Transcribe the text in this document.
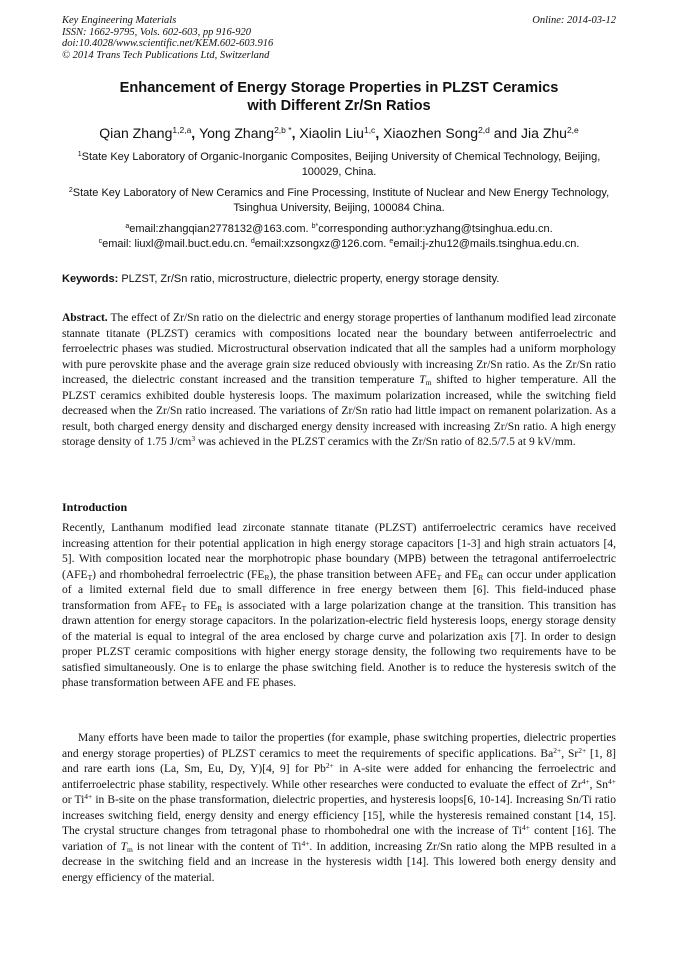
Key Engineering Materials
ISSN: 1662-9795, Vols. 602-603, pp 916-920
doi:10.4028/www.scientific.net/KEM.602-603.916
© 2014 Trans Tech Publications Ltd, Switzerland
Online: 2014-03-12
Enhancement of Energy Storage Properties in PLZST Ceramics
with Different Zr/Sn Ratios
Qian Zhang$^{1,2,a}$, Yong Zhang$^{2,b *}$, Xiaolin Liu$^{1,c}$, Xiaozhen Song$^{2,d}$ and Jia Zhu$^{2,e}$
$^1$State Key Laboratory of Organic-Inorganic Composites, Beijing University of Chemical Technology, Beijing, 100029, China.
$^2$State Key Laboratory of New Ceramics and Fine Processing, Institute of Nuclear and New Energy Technology, Tsinghua University, Beijing, 100084 China.
$^a$email:zhangqian2778132@163.com. $^{b*}$corresponding author:yzhang@tsinghua.edu.cn.
$^c$email: liuxl@mail.buct.edu.cn. $^d$email:xzsongxz@126.com. $^e$email:j-zhu12@mails.tsinghua.edu.cn.
Keywords: PLZST, Zr/Sn ratio, microstructure, dielectric property, energy storage density.
Abstract. The effect of Zr/Sn ratio on the dielectric and energy storage properties of lanthanum modified lead zirconate stannate titanate (PLZST) ceramics with compositions located near the boundary between antiferroelectric and ferroelectric phases was studied. Microstructural observation indicated that all the samples had a uniform morphology with pure perovskite phase and the average grain size reduced obviously with increasing Zr/Sn ratio. As the Zr/Sn ratio increased, the dielectric constant increased and the transition temperature $T_m$ shifted to higher temperature. All the PLZST ceramics exhibited double hysteresis loops. The maximum polarization increased, while the switching field decreased when the Zr/Sn ratio increased. The variations of Zr/Sn ratio had little impact on remanent polarization. As a result, both charged energy density and discharged energy density increased with increasing Zr/Sn ratio. A high energy storage density of 1.75 $J/cm^3$ was achieved in the PLZST ceramics with the Zr/Sn ratio of 82.5/7.5 at 9 kV/mm.
Introduction
Recently, Lanthanum modified lead zirconate stannate titanate (PLZST) antiferroelectric ceramics have received increasing attention for their potential application in high energy storage capacitors [1-3] and high strain actuators [4, 5]. With composition located near the morphotropic phase boundary (MPB) between the tetragonal antiferroelectric $(AFE_T)$ and rhombohedral ferroelectric $(FE_R)$, the phase transition between $AFE_T$ and $FE_R$ can occur under application of a limited external field due to small difference in free energy between them [6]. This field-induced phase transformation from $AFE_T$ to $FE_R$ is associated with a large polarization change at the transition. This transition has drawn attention for energy storage capacitors. In the polarization-electric field hysteresis loops, energy storage density of the material is equal to integral of the area enclosed by charge curve and polarization axis [7]. In order to design proper PLZST ceramic compositions with higher energy storage density, the following two requirements have to be satisfied simultaneously. One is to enlarge the phase switching field. Another is to reduce the hysteresis switch of the phase transformation between AFE and FE phases.
Many efforts have been made to tailor the properties (for example, phase switching properties, dielectric properties and energy storage properties) of PLZST ceramics to meet the requirements of specific applications. $Ba^{2+}$, $Sr^{2+}$ [1, 8] and rare earth ions (La, Sm, Eu, Dy, Y)[4, 9] for $Pb^{2+}$ in A-site were added for enhancing the ferroelectric and antiferroelectric phase stability, respectively. While other researches were conducted to evaluate the effect of $Zr^{4+}$, $Sn^{4+}$ or $Ti^{4+}$ in B-site on the phase transformation, dielectric properties, and hysteresis loops[6, 10-14]. Increasing Sn/Ti ratio increases switching field, energy density and energy efficiency [15], while the hysteresis remained constant [14, 15]. The crystal structure changes from tetragonal phase to rhombohedral one with the increase of $Ti^{4+}$ content [16]. The variation of $T_m$ is not linear with the content of $Ti^{4+}$. In addition, increasing Zr/Sn ratio along the MPB resulted in a decrease in the switching field and an increase in the hysteresis width [14]. This lowered both energy density and energy efficiency of the material.
